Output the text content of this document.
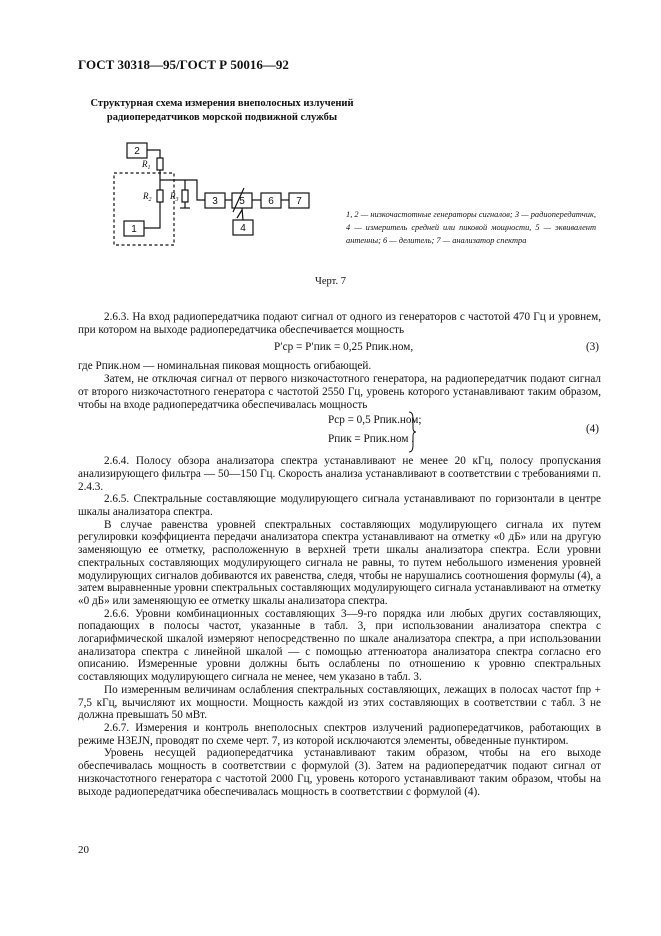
ГОСТ 30318—95/ГОСТ Р 50016—92
Структурная схема измерения внеполосных излучений
радиопередатчиков морской подвижной службы
2
1
3 5
4
6 7
$R_1$
$R_2$ $R_3$
1, 2 — низкочастотные генераторы сигналов; 3 — радиопередатчик, 4 — измеритель средней или пиковой мощности, 5 — эквивалент антенны; 6 — делитель; 7 — анализатор спектра
Черт. 7

2.6.3. На вход радиопередатчика подают сигнал от одного из генераторов с частотой 470 Гц и уровнем, при котором на выходе радиопередатчика обеспечивается мощность

P′ср = P′пик = 0,25 Pпик.ном,	(3)

где Pпик.ном — номинальная пиковая мощность огибающей.

Затем, не отключая сигнал от первого низкочастотного генератора, на радиопередатчик подают сигнал от второго низкочастотного генератора с частотой 2550 Гц, уровень которого устанавливают таким образом, чтобы на входе радиопередатчика обеспечивалась мощность

Pср = 0,5 Pпик.ном;
Pпик = Pпик.ном .
(4)

2.6.4. Полосу обзора анализатора спектра устанавливают не менее 20 кГц, полосу пропускания анализирующего фильтра — 50—150 Гц. Скорость анализа устанавливают в соответствии с требованиями п. 2.4.3.

2.6.5. Спектральные составляющие модулирующего сигнала устанавливают по горизонтали в центре шкалы анализатора спектра.

В случае равенства уровней спектральных составляющих модулирующего сигнала их путем регулировки коэффициента передачи анализатора спектра устанавливают на отметку «0 дБ» или на другую заменяющую ее отметку, расположенную в верхней трети шкалы анализатора спектра. Если уровни спектральных составляющих модулирующего сигнала не равны, то путем небольшого изменения уровней модулирующих сигналов добиваются их равенства, следя, чтобы не нарушались соотношения формулы (4), а затем выравненные уровни спектральных составляющих модулирующего сигнала устанавливают на отметку «0 дБ» или заменяющую ее отметку шкалы анализатора спектра.

2.6.6. Уровни комбинационных составляющих 3—9-го порядка или любых других составляющих, попадающих в полосы частот, указанные в табл. 3, при использовании анализатора спектра с логарифмической шкалой измеряют непосредственно по шкале анализатора спектра, а при использовании анализатора спектра с линейной шкалой — с помощью аттенюатора анализатора спектра согласно его описанию. Измеренные уровни должны быть ослаблены по отношению к уровню спектральных составляющих модулирующего сигнала не менее, чем указано в табл. 3.

По измеренным величинам ослабления спектральных составляющих, лежащих в полосах частот fпр + 7,5 кГц, вычисляют их мощности. Мощность каждой из этих составляющих в соответствии с табл. 3 не должна превышать 50 мВт.

2.6.7. Измерения и контроль внеполосных спектров излучений радиопередатчиков, работающих в режиме H3EJN, проводят по схеме черт. 7, из которой исключаются элементы, обведенные пунктиром.

Уровень несущей радиопередатчика устанавливают таким образом, чтобы на его выходе обеспечивалась мощность в соответствии с формулой (3). Затем на радиопередатчик подают сигнал от низкочастотного генератора с частотой 2000 Гц, уровень которого устанавливают таким образом, чтобы на выходе радиопередатчика обеспечивалась мощность в соответствии с формулой (4).

20
